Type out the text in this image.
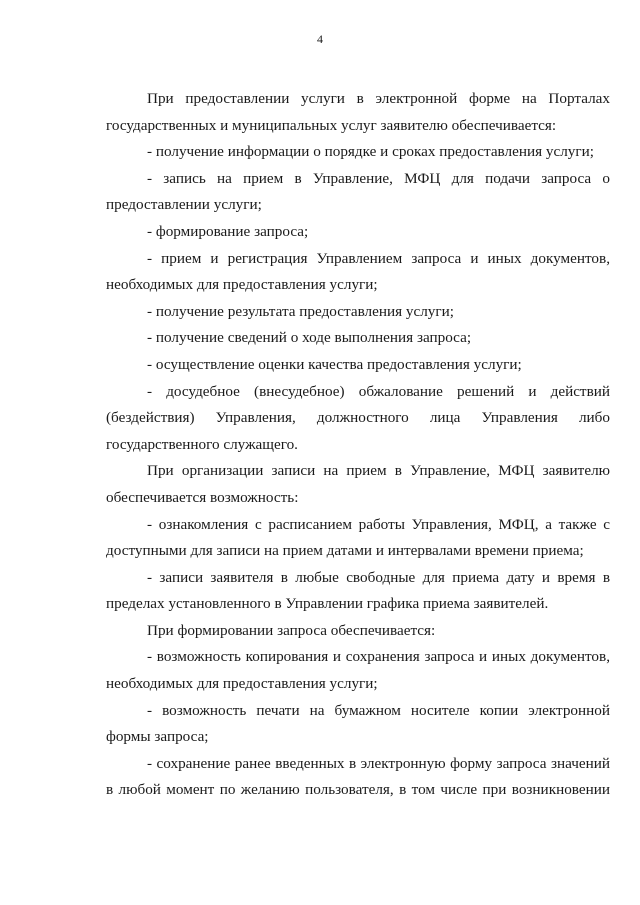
4

При предоставлении услуги в электронной форме на Порталах государственных и муниципальных услуг заявителю обеспечивается:

- получение информации о порядке и сроках предоставления услуги;

- запись на прием в Управление, МФЦ для подачи запроса о предоставлении услуги;

- формирование запроса;

- прием и регистрация Управлением запроса и иных документов, необходимых для предоставления услуги;

- получение результата предоставления услуги;

- получение сведений о ходе выполнения запроса;

- осуществление оценки качества предоставления услуги;

- досудебное (внесудебное) обжалование решений и действий (бездействия) Управления, должностного лица Управления либо государственного служащего.

При организации записи на прием в Управление, МФЦ заявителю обеспечивается возможность:

- ознакомления с расписанием работы Управления, МФЦ, а также с доступными для записи на прием датами и интервалами времени приема;

- записи заявителя в любые свободные для приема дату и время в пределах установленного в Управлении графика приема заявителей.

При формировании запроса обеспечивается:

- возможность копирования и сохранения запроса и иных документов, необходимых для предоставления услуги;

- возможность печати на бумажном носителе копии электронной формы запроса;

- сохранение ранее введенных в электронную форму запроса значений в любой момент по желанию пользователя, в том числе при возникновении
